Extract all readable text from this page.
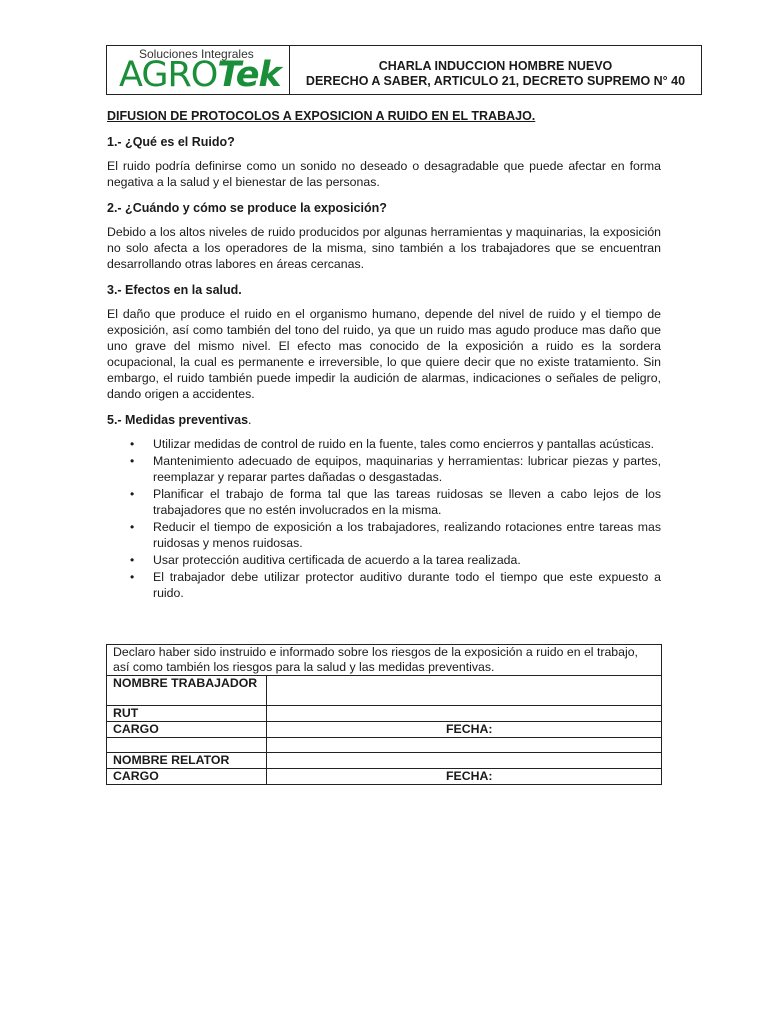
Soluciones Integrales
AGROTek	CHARLA INDUCCION HOMBRE NUEVO
DERECHO A SABER, ARTICULO 21, DECRETO SUPREMO N° 40

DIFUSION DE PROTOCOLOS A EXPOSICION A RUIDO EN EL TRABAJO.

1.- ¿Qué es el Ruido?

El ruido podría definirse como un sonido no deseado o desagradable que puede afectar en forma negativa a la salud y el bienestar de las personas.

2.- ¿Cuándo y cómo se produce la exposición?

Debido a los altos niveles de ruido producidos por algunas herramientas y maquinarias, la exposición no solo afecta a los operadores de la misma, sino también a los trabajadores que se encuentran desarrollando otras labores en áreas cercanas.

3.- Efectos en la salud.

El daño que produce el ruido en el organismo humano, depende del nivel de ruido y el tiempo de exposición, así como también del tono del ruido, ya que un ruido mas agudo produce mas daño que uno grave del mismo nivel. El efecto mas conocido de la exposición a ruido es la sordera ocupacional, la cual es permanente e irreversible, lo que quiere decir que no existe tratamiento. Sin embargo, el ruido también puede impedir la audición de alarmas, indicaciones o señales de peligro, dando origen a accidentes.

5.- Medidas preventivas.

• Utilizar medidas de control de ruido en la fuente, tales como encierros y pantallas acústicas.
• Mantenimiento adecuado de equipos, maquinarias y herramientas: lubricar piezas y partes, reemplazar y reparar partes dañadas o desgastadas.
• Planificar el trabajo de forma tal que las tareas ruidosas se lleven a cabo lejos de los trabajadores que no estén involucrados en la misma.
• Reducir el tiempo de exposición a los trabajadores, realizando rotaciones entre tareas mas ruidosas y menos ruidosas.
• Usar protección auditiva certificada de acuerdo a la tarea realizada.
• El trabajador debe utilizar protector auditivo durante todo el tiempo que este expuesto a ruido.
Declaro haber sido instruido e informado sobre los riesgos de la exposición a ruido en el trabajo, así como también los riesgos para la salud y las medidas preventivas.	
NOMBRE TRABAJADOR	
RUT	
CARGO	FECHA:

NOMBRE RELATOR	
CARGO	FECHA:
